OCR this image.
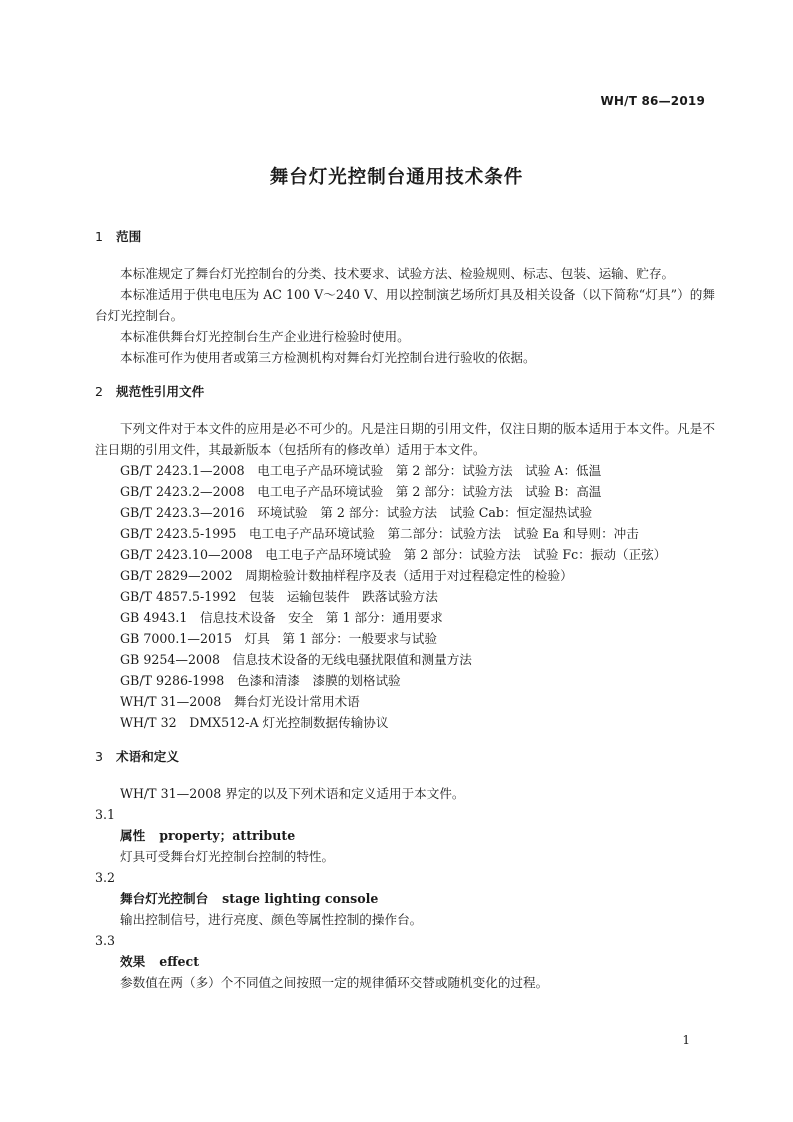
WH/T 86—2019
舞台灯光控制台通用技术条件
1 范围
本标准规定了舞台灯光控制台的分类、技术要求、试验方法、检验规则、标志、包装、运输、贮存。
本标准适用于供电电压为 AC 100 V～240 V、用以控制演艺场所灯具及相关设备（以下简称“灯具”）的舞台灯光控制台。
本标准供舞台灯光控制台生产企业进行检验时使用。
本标准可作为使用者或第三方检测机构对舞台灯光控制台进行验收的依据。
2 规范性引用文件
下列文件对于本文件的应用是必不可少的。凡是注日期的引用文件，仅注日期的版本适用于本文件。凡是不注日期的引用文件，其最新版本（包括所有的修改单）适用于本文件。
GB/T 2423.1—2008　电工电子产品环境试验　第 2 部分：试验方法　试验 A：低温
GB/T 2423.2—2008　电工电子产品环境试验　第 2 部分：试验方法　试验 B：高温
GB/T 2423.3—2016　环境试验　第 2 部分：试验方法　试验 Cab：恒定湿热试验
GB/T 2423.5-1995　电工电子产品环境试验　第二部分：试验方法　试验 Ea 和导则：冲击
GB/T 2423.10—2008　电工电子产品环境试验　第 2 部分：试验方法　试验 Fc：振动（正弦）
GB/T 2829—2002　周期检验计数抽样程序及表（适用于对过程稳定性的检验）
GB/T 4857.5-1992　包装　运输包装件　跌落试验方法
GB 4943.1　信息技术设备　安全　第 1 部分：通用要求
GB 7000.1—2015　灯具　第 1 部分：一般要求与试验
GB 9254—2008　信息技术设备的无线电骚扰限值和测量方法
GB/T 9286-1998　色漆和清漆　漆膜的划格试验
WH/T 31—2008　舞台灯光设计常用术语
WH/T 32　DMX512-A 灯光控制数据传输协议
3 术语和定义
WH/T 31—2008 界定的以及下列术语和定义适用于本文件。
3.1
属性 property；attribute
灯具可受舞台灯光控制台控制的特性。
3.2
舞台灯光控制台 stage lighting console
输出控制信号，进行亮度、颜色等属性控制的操作台。
3.3
效果 effect
参数值在两（多）个不同值之间按照一定的规律循环交替或随机变化的过程。
1
